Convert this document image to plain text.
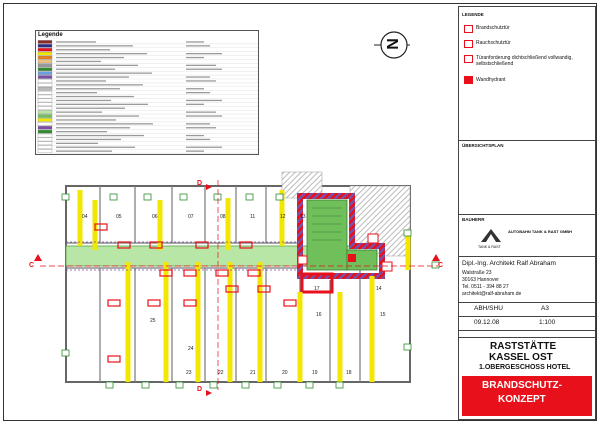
Legende
N
04	05	06	07	08
25
24
23	22	21	20	19	18
17
16	15
14
11	12	13
D
D
C	C
LEGENDE
Brandschutztür
Rauchschutztür
Türanforderung dichtschließend vollwandig, selbstschließend
Wandhydrant
ÜBERSICHTSPLAN
BAUHERR
TANK & RAST
AUTOBAHN TANK & RAST GMBH
Dipl.-Ing. Architekt Ralf Abraham
Walstraße 23
30163 Hannover
Tel. 0511 - 394 88 27
architekt@ralf-abraham.de
ABH/SHU	A3
09.12.08	1:100
RASTSTÄTTE
KASSEL OST
1.OBERGESCHOSS HOTEL
BRANDSCHUTZ-
KONZEPT
